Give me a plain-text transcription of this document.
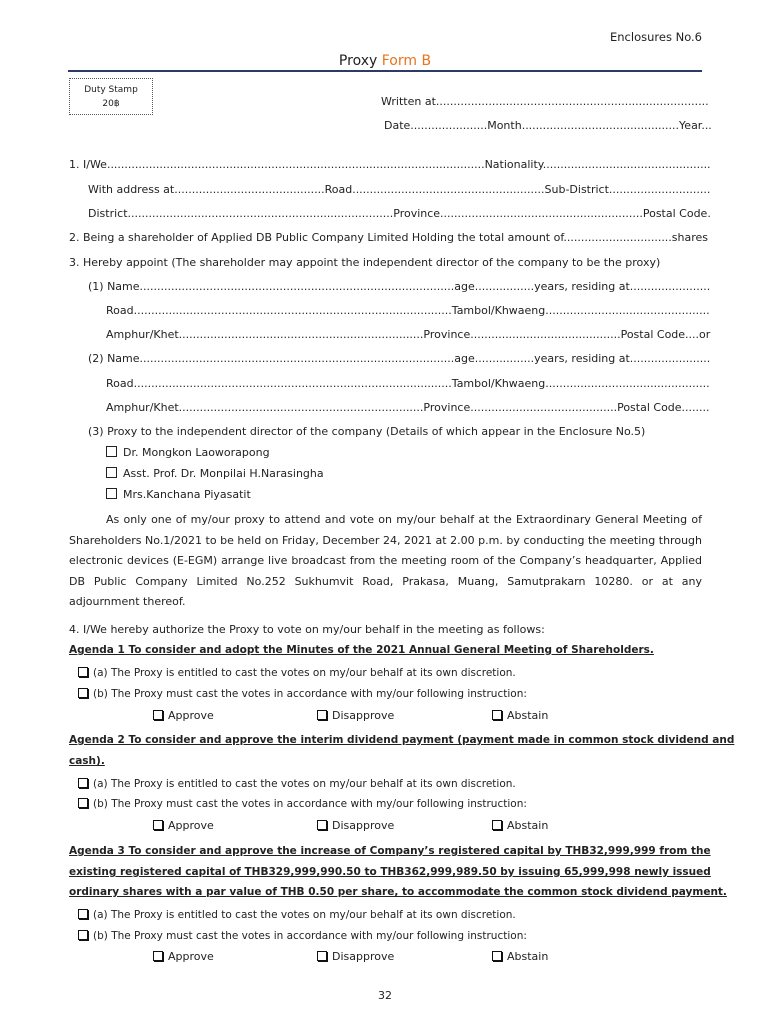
Enclosures No.6
Proxy Form B
Duty Stamp
20฿	Written at..............................................................................
Date......................Month.............................................Year...
1. I/We............................................................................................................Nationality................................................
With address at...........................................Road.......................................................Sub-District.............................
District............................................................................Province..........................................................Postal Code.
2. Being a shareholder of Applied DB Public Company Limited Holding the total amount of...............................shares
3. Hereby appoint (The shareholder may appoint the independent director of the company to be the proxy)
(1) Name..........................................................................................age.................years, residing at.......................
Road...........................................................................................Tambol/Khwaeng...............................................
Amphur/Khet......................................................................Province...........................................Postal Code....or
(2) Name..........................................................................................age.................years, residing at.......................
Road...........................................................................................Tambol/Khwaeng...............................................
Amphur/Khet......................................................................Province..........................................Postal Code........
(3) Proxy to the independent director of the company (Details of which appear in the Enclosure No.5)
Dr. Mongkon Laoworapong
Asst. Prof. Dr. Monpilai H.Narasingha
Mrs.Kanchana Piyasatit
As only one of my/our proxy to attend and vote on my/our behalf at the Extraordinary General Meeting of Shareholders No.1/2021 to be held on Friday, December 24, 2021 at 2.00 p.m. by conducting the meeting through electronic devices (E-EGM) arrange live broadcast from the meeting room of the Company’s headquarter, Applied DB Public Company Limited No.252 Sukhumvit Road, Prakasa, Muang, Samutprakarn 10280. or at any adjournment thereof.
4. I/We hereby authorize the Proxy to vote on my/our behalf in the meeting as follows:
Agenda 1 To consider and adopt the Minutes of the 2021 Annual General Meeting of Shareholders.
(a) The Proxy is entitled to cast the votes on my/our behalf at its own discretion.
(b) The Proxy must cast the votes in accordance with my/our following instruction:
Approve	Disapprove	Abstain
Agenda 2 To consider and approve the interim dividend payment (payment made in common stock dividend and
cash).
(a) The Proxy is entitled to cast the votes on my/our behalf at its own discretion.
(b) The Proxy must cast the votes in accordance with my/our following instruction:
Approve	Disapprove	Abstain
Agenda 3 To consider and approve the increase of Company’s registered capital by THB32,999,999 from the
existing registered capital of THB329,999,990.50 to THB362,999,989.50 by issuing 65,999,998 newly issued
ordinary shares with a par value of THB 0.50 per share, to accommodate the common stock dividend payment.
(a) The Proxy is entitled to cast the votes on my/our behalf at its own discretion.
(b) The Proxy must cast the votes in accordance with my/our following instruction:
Approve	Disapprove	Abstain
32
